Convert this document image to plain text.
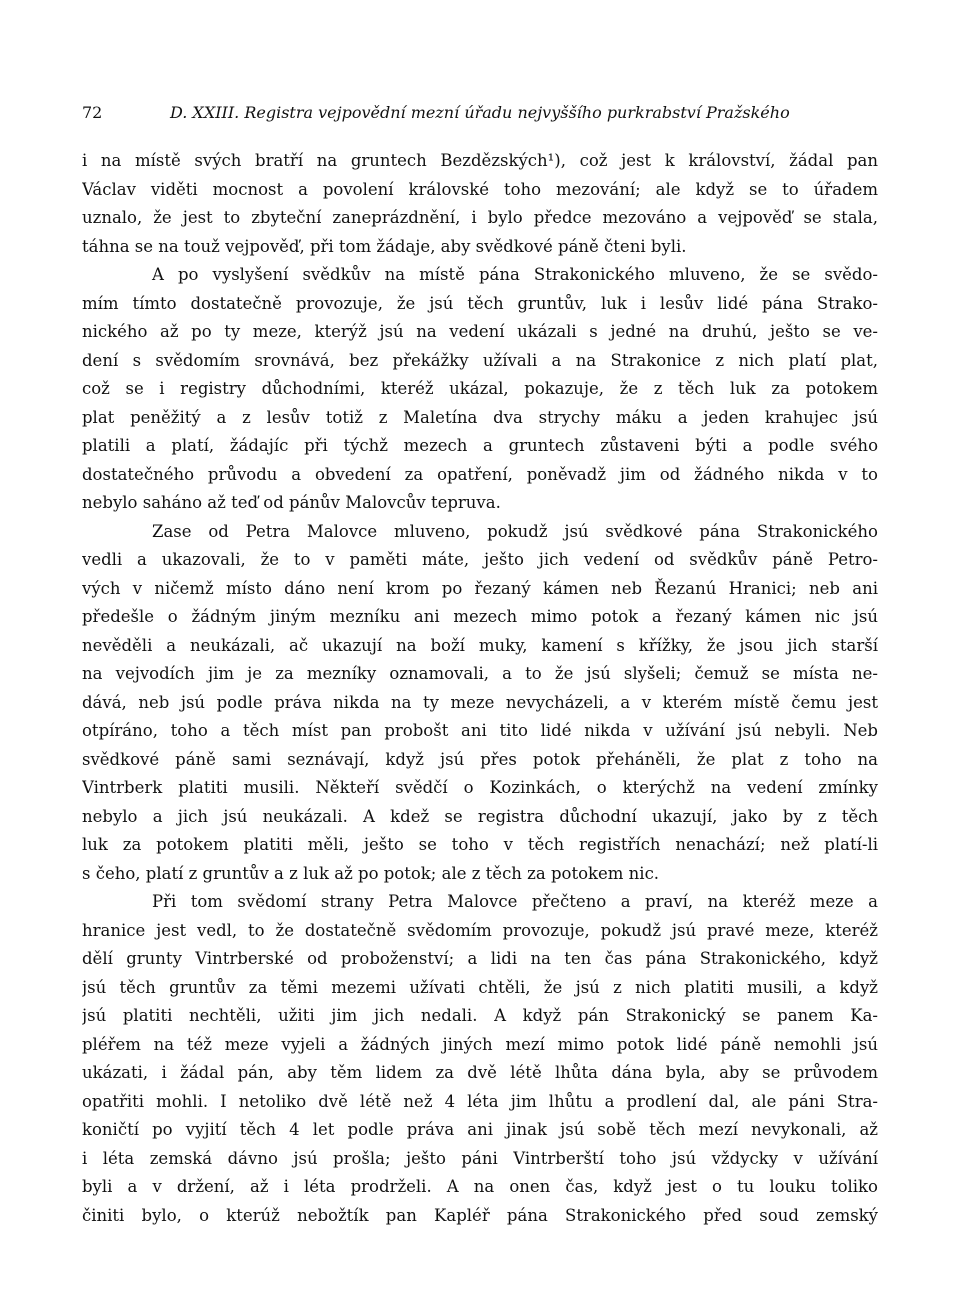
72	D. XXIII. Registra vejpovědní mezní úřadu nejvyššího purkrabství Pražského
i na místě svých bratří na gruntech Bezdězských¹), což jest k království, žádal pan
Václav viděti mocnost a povolení královské toho mezování; ale když se to úřadem
uznalo, že jest to zbyteční zaneprázdnění, i bylo předce mezováno a vejpověď se stala,
táhna se na touž vejpověď, při tom žádaje, aby svědkové páně čteni byli.
A po vyslyšení svědkův na místě pána Strakonického mluveno, že se svědo-
mím tímto dostatečně provozuje, že jsú těch gruntův, luk i lesův lidé pána Strako-
nického až po ty meze, kterýž jsú na vedení ukázali s jedné na druhú, ješto se ve-
dení s svědomím srovnává, bez překážky užívali a na Strakonice z nich platí plat,
což se i registry důchodními, kteréž ukázal, pokazuje, že z těch luk za potokem
plat peněžitý a z lesův totiž z Maletína dva strychy máku a jeden krahujec jsú
platili a platí, žádajíc při týchž mezech a gruntech zůstaveni býti a podle svého
dostatečného průvodu a obvedení za opatření, poněvadž jim od žádného nikda v to
nebylo saháno až teď od pánův Malovcův tepruva.
Zase od Petra Malovce mluveno, pokudž jsú svědkové pána Strakonického
vedli a ukazovali, že to v paměti máte, ješto jich vedení od svědkův páně Petro-
vých v ničemž místo dáno není krom po řezaný kámen neb Řezanú Hranici; neb ani
předešle o žádným jiným mezníku ani mezech mimo potok a řezaný kámen nic jsú
nevěděli a neukázali, ač ukazují na boží muky, kamení s křížky, že jsou jich starší
na vejvodích jim je za mezníky oznamovali, a to že jsú slyšeli; čemuž se místa ne-
dává, neb jsú podle práva nikda na ty meze nevycházeli, a v kterém místě čemu jest
otpíráno, toho a těch míst pan probošt ani tito lidé nikda v užívání jsú nebyli. Neb
svědkové páně sami seznávají, když jsú přes potok přeháněli, že plat z toho na
Vintrberk platiti musili. Někteří svědčí o Kozinkách, o kterýchž na vedení zmínky
nebylo a jich jsú neukázali. A kdež se registra důchodní ukazují, jako by z těch
luk za potokem platiti měli, ješto se toho v těch registřích nenachází; než platí-li
s čeho, platí z gruntův a z luk až po potok; ale z těch za potokem nic.
Při tom svědomí strany Petra Malovce přečteno a praví, na kteréž meze a
hranice jest vedl, to že dostatečně svědomím provozuje, pokudž jsú pravé meze, kteréž
dělí grunty Vintrberské od proboženství; a lidi na ten čas pána Strakonického, když
jsú těch gruntův za těmi mezemi užívati chtěli, že jsú z nich platiti musili, a když
jsú platiti nechtěli, užiti jim jich nedali. A když pán Strakonický se panem Ka-
pléřem na též meze vyjeli a žádných jiných mezí mimo potok lidé páně nemohli jsú
ukázati, i žádal pán, aby těm lidem za dvě létě lhůta dána byla, aby se průvodem
opatřiti mohli. I netoliko dvě létě než 4 léta jim lhůtu a prodlení dal, ale páni Stra-
koničtí po vyjití těch 4 let podle práva ani jinak jsú sobě těch mezí nevykonali, až
i léta zemská dávno jsú prošla; ješto páni Vintrberští toho jsú vždycky v užívání
byli a v držení, až i léta prodrželi. A na onen čas, když jest o tu louku toliko
činiti bylo, o kterúž nebožtík pan Kapléř pána Strakonického před soud zemský
